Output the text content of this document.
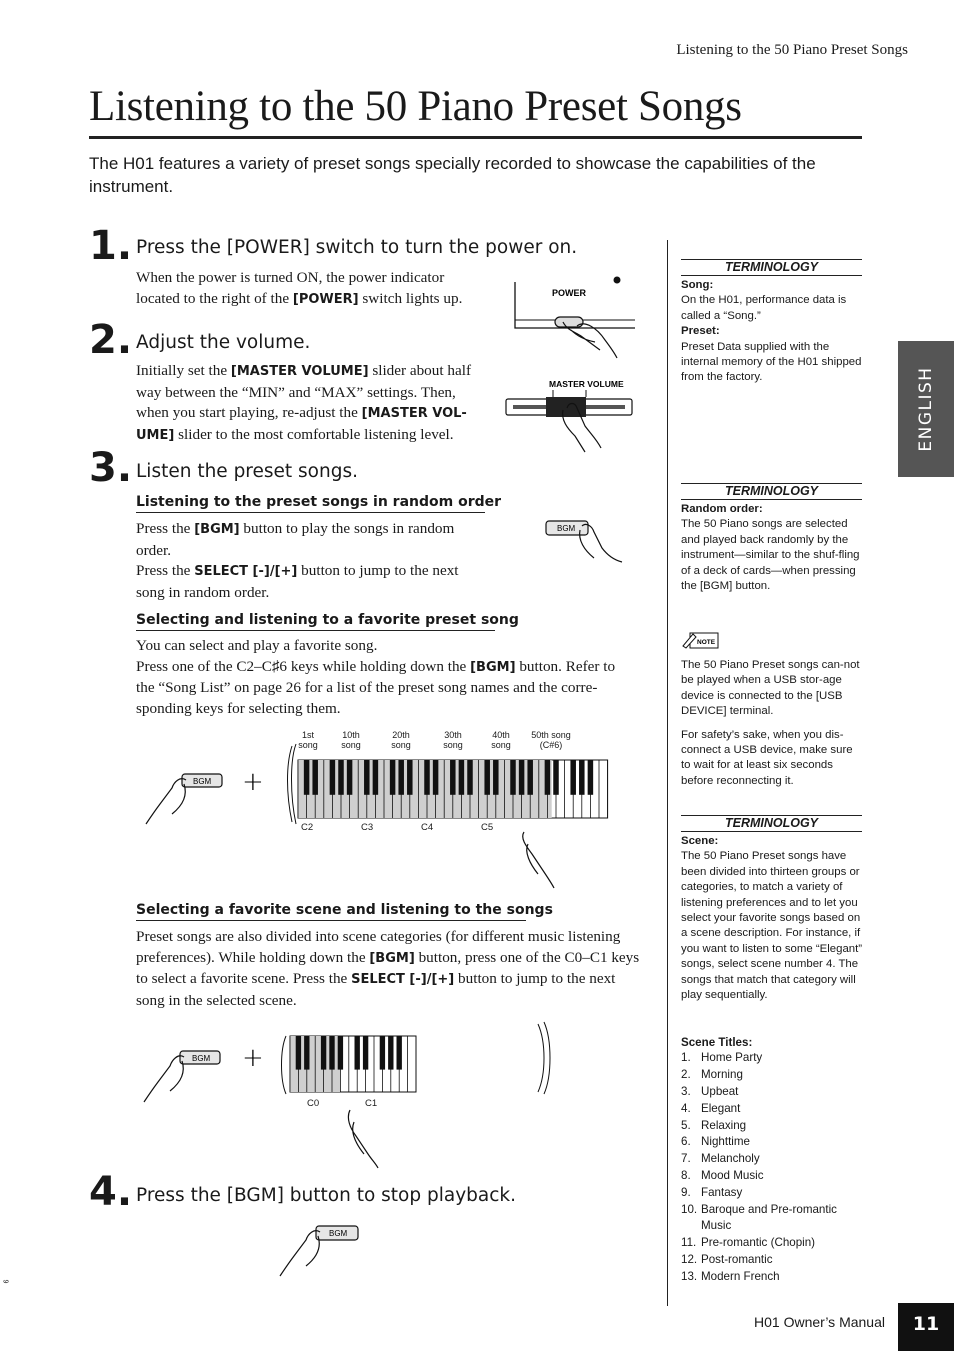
Listening to the 50 Piano Preset Songs
Listening to the 50 Piano Preset Songs
The H01 features a variety of preset songs specially recorded to showcase the capabilities of the instrument.
1. Press the [POWER] switch to turn the power on.
When the power is turned ON, the power indicator located to the right of the [POWER] switch lights up.	POWER
2. Adjust the volume.
Initially set the [MASTER VOLUME] slider about half way between the “MIN” and “MAX” settings. Then, when you start playing, re-adjust the [MASTER VOL-UME] slider to the most comfortable listening level.
MASTER VOLUME
3. Listen the preset songs.
Listening to the preset songs in random order
Press the [BGM] button to play the songs in random order.
Press the SELECT [-]/[+] button to jump to the next song in random order.
BGM
Selecting and listening to a favorite preset song
You can select and play a favorite song.
Press one of the C2–C♯6 keys while holding down the [BGM] button. Refer to the “Song List” on page 26 for a list of the preset song names and the corre-sponding keys for selecting them.
1st
song
10th
song
20th
song
30th
song
40th
song
50th song
(C#6)
BGM +
C2	C3	C4	C5
Selecting a favorite scene and listening to the songs
Preset songs are also divided into scene categories (for different music listening preferences). While holding down the [BGM] button, press one of the C0–C1 keys to select a favorite scene. Press the SELECT [-]/[+] button to jump to the next song in the selected scene.
BGM +
C0	C1
4. Press the [BGM] button to stop playback.
BGM
TERMINOLOGY
Song:
On the H01, performance data is called a “Song.”
Preset:
Preset Data supplied with the internal memory of the H01 shipped from the factory.
TERMINOLOGY
Random order:
The 50 Piano songs are selected and played back randomly by the instrument—similar to the shuf-fling of a deck of cards—when pressing the [BGM] button.
NOTE
The 50 Piano Preset songs can-not be played when a USB stor-age device is connected to the [USB DEVICE] terminal.
For safety’s sake, when you dis-connect a USB device, make sure to wait for at least six seconds before reconnecting it.
TERMINOLOGY
Scene:
The 50 Piano Preset songs have been divided into thirteen groups or categories, to match a variety of listening preferences and to let you select your favorite songs based on a scene description. For instance, if you want to listen to some “Elegant” songs, select scene number 4. The songs that match that category will play sequentially.
Scene Titles:
1. Home Party
2. Morning
3. Upbeat
4. Elegant
5. Relaxing
6. Nighttime
7. Melancholy
8. Mood Music
9. Fantasy
10. Baroque and Pre-romantic Music
11. Pre-romantic (Chopin)
12. Post-romantic
13. Modern French
ENGLISH
H01 Owner’s Manual	11
9
